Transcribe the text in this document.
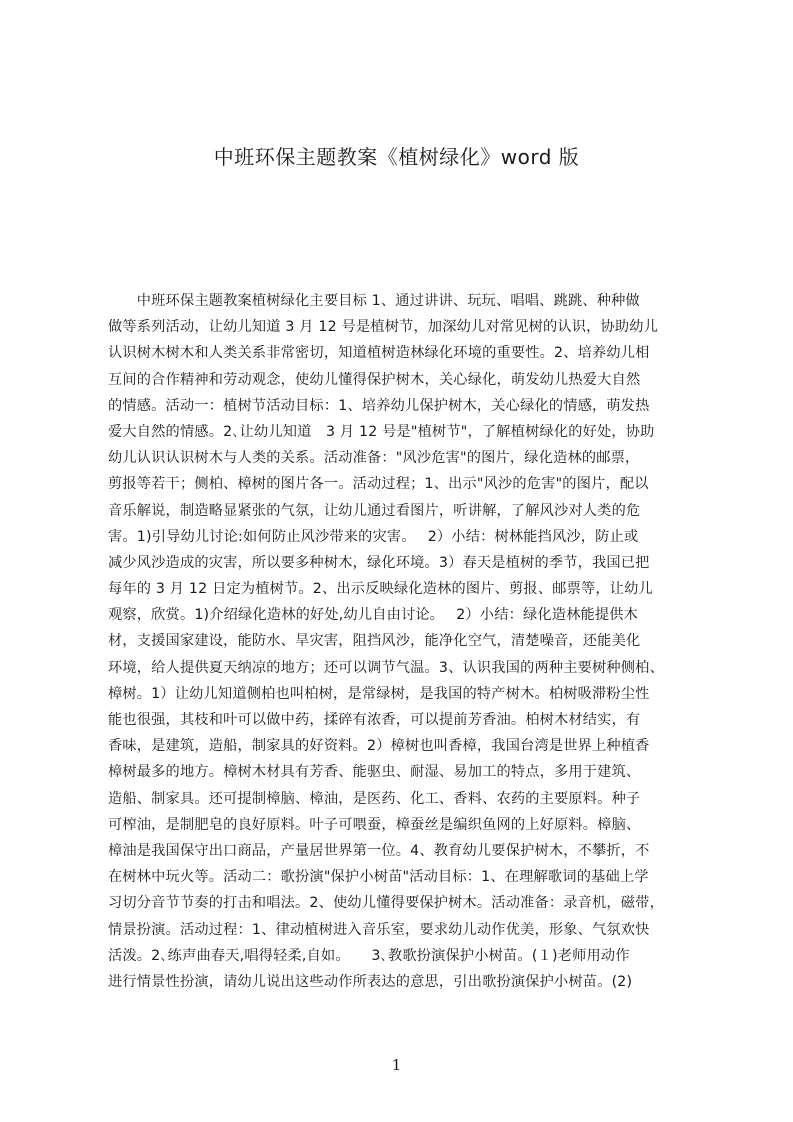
中班环保主题教案《植树绿化》word 版
　　中班环保主题教案植树绿化主要目标 1、通过讲讲、玩玩、唱唱、跳跳、种种做
做等系列活动，让幼儿知道 3 月 12 号是植树节，加深幼儿对常见树的认识，协助幼儿
认识树木树木和人类关系非常密切，知道植树造林绿化环境的重要性。2、培养幼儿相
互间的合作精神和劳动观念，使幼儿懂得保护树木，关心绿化，萌发幼儿热爱大自然
的情感。活动一：植树节活动目标：1、培养幼儿保护树木，关心绿化的情感，萌发热
爱大自然的情感。2､让幼儿知道　3 月 12 号是"植树节"，了解植树绿化的好处，协助
幼儿认识认识树木与人类的关系。活动准备："风沙危害"的图片，绿化造林的邮票，
剪报等若干；侧柏、樟树的图片各一。活动过程；1、出示"风沙的危害"的图片，配以
音乐解说，制造略显紧张的气氛，让幼儿通过看图片，听讲解，了解风沙对人类的危
害。1)引导幼儿讨论:如何防止风沙带来的灾害。　 2）小结：树林能挡风沙，防止或
减少风沙造成的灾害，所以要多种树木，绿化环境。3）春天是植树的季节，我国已把
每年的 3 月 12 日定为植树节。2、出示反映绿化造林的图片、剪报、邮票等，让幼儿
观察，欣赏。1)介绍绿化造林的好处,幼儿自由讨论。　 2）小结：绿化造林能提供木
材，支援国家建设，能防水、旱灾害，阻挡风沙，能净化空气，清楚噪音，还能美化
环境，给人提供夏天纳凉的地方；还可以调节气温。3、认识我国的两种主要树种侧柏、
樟树。1）让幼儿知道侧柏也叫柏树，是常绿树，是我国的特产树木。柏树吸滞粉尘性
能也很强，其枝和叶可以做中药，揉碎有浓香，可以提前芳香油。柏树木材结实，有
香味，是建筑，造船，制家具的好资料。2）樟树也叫香樟，我国台湾是世界上种植香
樟树最多的地方。樟树木材具有芳香、能驱虫、耐湿、易加工的特点，多用于建筑、
造船、制家具。还可提制樟脑、樟油，是医药、化工、香料、农药的主要原料。种子
可榨油，是制肥皂的良好原料。叶子可喂蚕，樟蚕丝是编织鱼网的上好原料。樟脑、
樟油是我国保守出口商品，产量居世界第一位。4、教育幼儿要保护树木，不攀折，不
在树林中玩火等。活动二：歌扮演"保护小树苗"活动目标：1、在理解歌词的基础上学
习切分音节节奏的打击和唱法。2、使幼儿懂得要保护树木。活动准备：录音机，磁带，
情景扮演。活动过程：1、律动植树进入音乐室，要求幼儿动作优美，形象、气氛欢快
活泼。2､练声曲春天,唱得轻柔,自如。　　3､教歌扮演保护小树苗。(１)老师用动作
进行情景性扮演，请幼儿说出这些动作所表达的意思，引出歌扮演保护小树苗。(2)
1
